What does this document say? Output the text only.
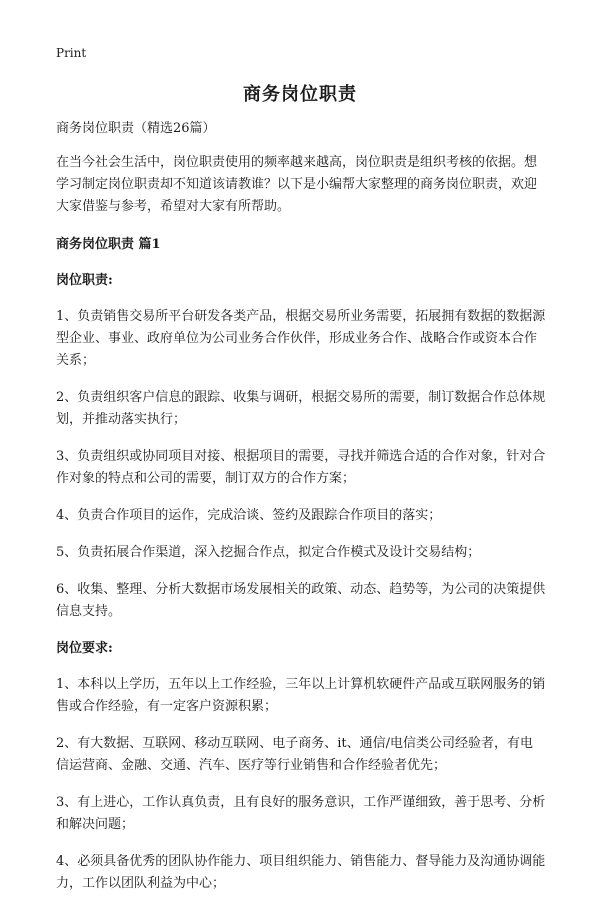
Print
商务岗位职责

商务岗位职责（精选26篇）

在当今社会生活中，岗位职责使用的频率越来越高，岗位职责是组织考核的依据。想学习制定岗位职责却不知道该请教谁？以下是小编帮大家整理的商务岗位职责，欢迎大家借鉴与参考，希望对大家有所帮助。

商务岗位职责 篇1

岗位职责:

1、负责销售交易所平台研发各类产品，根据交易所业务需要，拓展拥有数据的数据源型企业、事业、政府单位为公司业务合作伙伴，形成业务合作、战略合作或资本合作关系；

2、负责组织客户信息的跟踪、收集与调研，根据交易所的需要，制订数据合作总体规划，并推动落实执行；

3、负责组织或协同项目对接、根据项目的需要，寻找并筛选合适的合作对象，针对合作对象的特点和公司的需要，制订双方的合作方案；

4、负责合作项目的运作，完成洽谈、签约及跟踪合作项目的落实；

5、负责拓展合作渠道，深入挖掘合作点，拟定合作模式及设计交易结构；

6、收集、整理、分析大数据市场发展相关的政策、动态、趋势等，为公司的决策提供信息支持。

岗位要求:

1、本科以上学历，五年以上工作经验，三年以上计算机软硬件产品或互联网服务的销售或合作经验，有一定客户资源积累；

2、有大数据、互联网、移动互联网、电子商务、it、通信/电信类公司经验者，有电信运营商、金融、交通、汽车、医疗等行业销售和合作经验者优先；

3、有上进心，工作认真负责，且有良好的服务意识，工作严谨细致，善于思考、分析和解决问题；

4、必须具备优秀的团队协作能力、项目组织能力、销售能力、督导能力及沟通协调能力，工作以团队利益为中心；
